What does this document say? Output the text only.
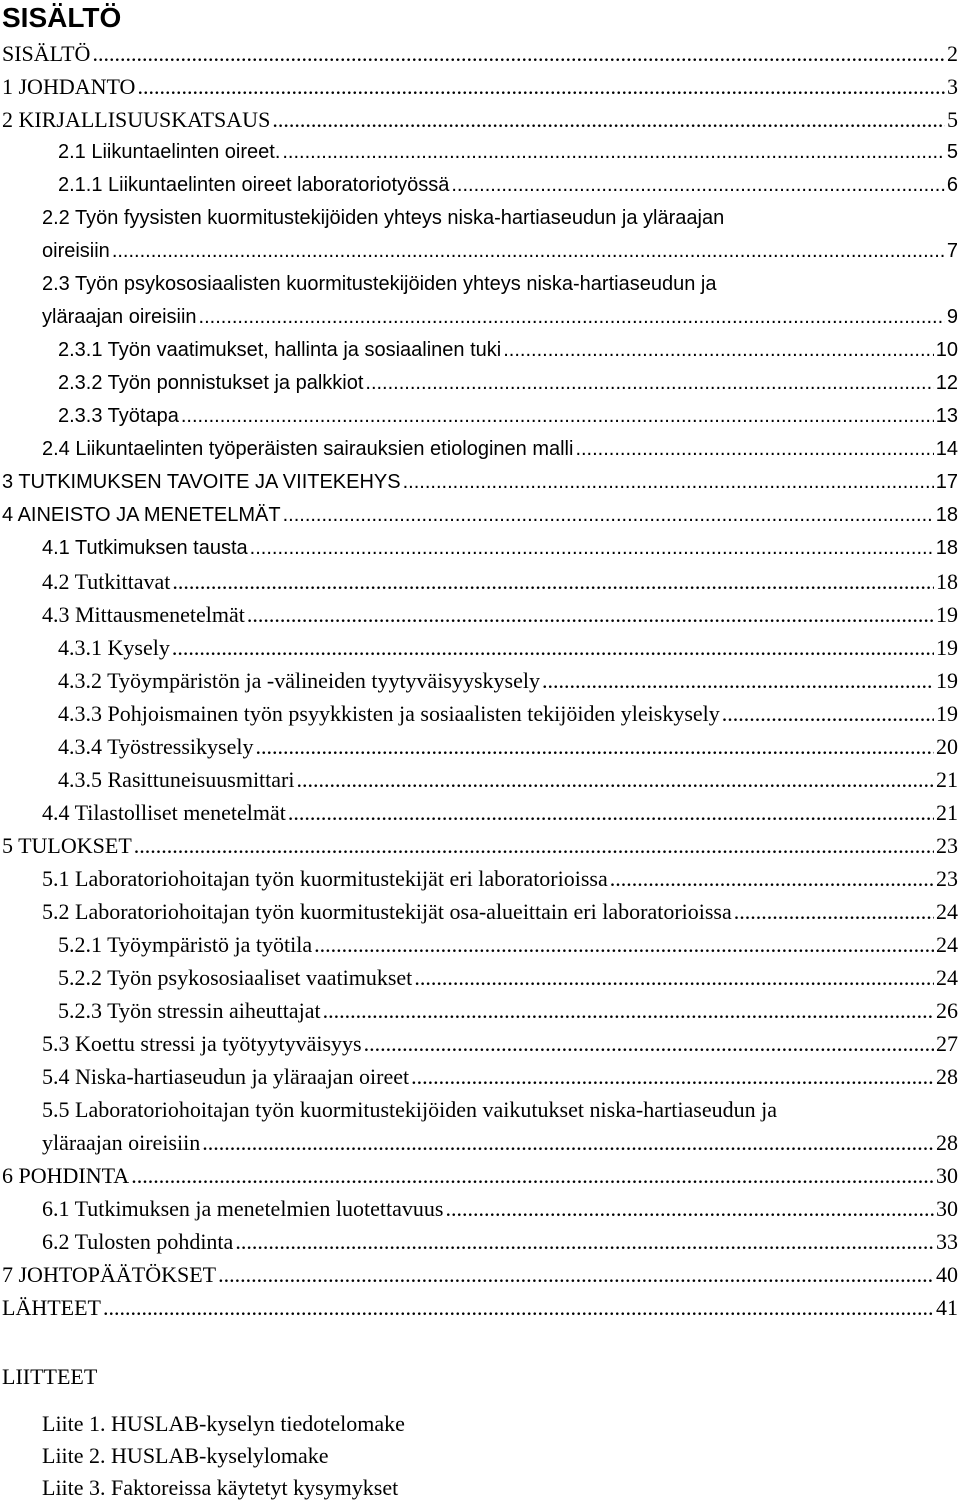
SISÄLTÖ
SISÄLTÖ .....	2
1 JOHDANTO .....	3
2 KIRJALLISUUSKATSAUS .....	5
2.1 Liikuntaelinten oireet. .....	5
2.1.1 Liikuntaelinten oireet laboratoriotyössä .....	6
2.2 Työn fyysisten kuormitustekijöiden yhteys niska-hartiaseudun ja yläraajan
oireisiin .....	7
2.3 Työn psykososiaalisten kuormitustekijöiden yhteys niska-hartiaseudun ja
yläraajan oireisiin .....	9
2.3.1 Työn vaatimukset, hallinta ja sosiaalinen tuki .....	10
2.3.2 Työn ponnistukset ja palkkiot .....	12
2.3.3 Työtapa .....	13
2.4 Liikuntaelinten työperäisten sairauksien etiologinen malli .....	14
3 TUTKIMUKSEN TAVOITE JA VIITEKEHYS .....	17
4 AINEISTO JA MENETELMÄT .....	18
4.1 Tutkimuksen tausta .....	18
4.2 Tutkittavat .....	18
4.3 Mittausmenetelmät .....	19
4.3.1 Kysely .....	19
4.3.2 Työympäristön ja -välineiden tyytyväisyyskysely .....	19
4.3.3 Pohjoismainen työn psyykkisten ja sosiaalisten tekijöiden yleiskysely .....	19
4.3.4 Työstressikysely .....	20
4.3.5 Rasittuneisuusmittari .....	21
4.4 Tilastolliset menetelmät .....	21
5 TULOKSET .....	23
5.1 Laboratoriohoitajan työn kuormitustekijät eri laboratorioissa .....	23
5.2 Laboratoriohoitajan työn kuormitustekijät osa-alueittain eri laboratorioissa .....	24
5.2.1 Työympäristö ja työtila .....	24
5.2.2 Työn psykososiaaliset vaatimukset .....	24
5.2.3 Työn stressin aiheuttajat .....	26
5.3 Koettu stressi ja työtyytyväisyys .....	27
5.4 Niska-hartiaseudun ja yläraajan oireet .....	28
5.5 Laboratoriohoitajan työn kuormitustekijöiden vaikutukset niska-hartiaseudun ja
yläraajan oireisiin .....	28
6 POHDINTA .....	30
6.1 Tutkimuksen ja menetelmien luotettavuus .....	30
6.2 Tulosten pohdinta .....	33
7 JOHTOPÄÄTÖKSET .....	40
LÄHTEET .....	41
LIITTEET
Liite 1. HUSLAB-kyselyn tiedotelomake
Liite 2. HUSLAB-kyselylomake
Liite 3. Faktoreissa käytetyt kysymykset
